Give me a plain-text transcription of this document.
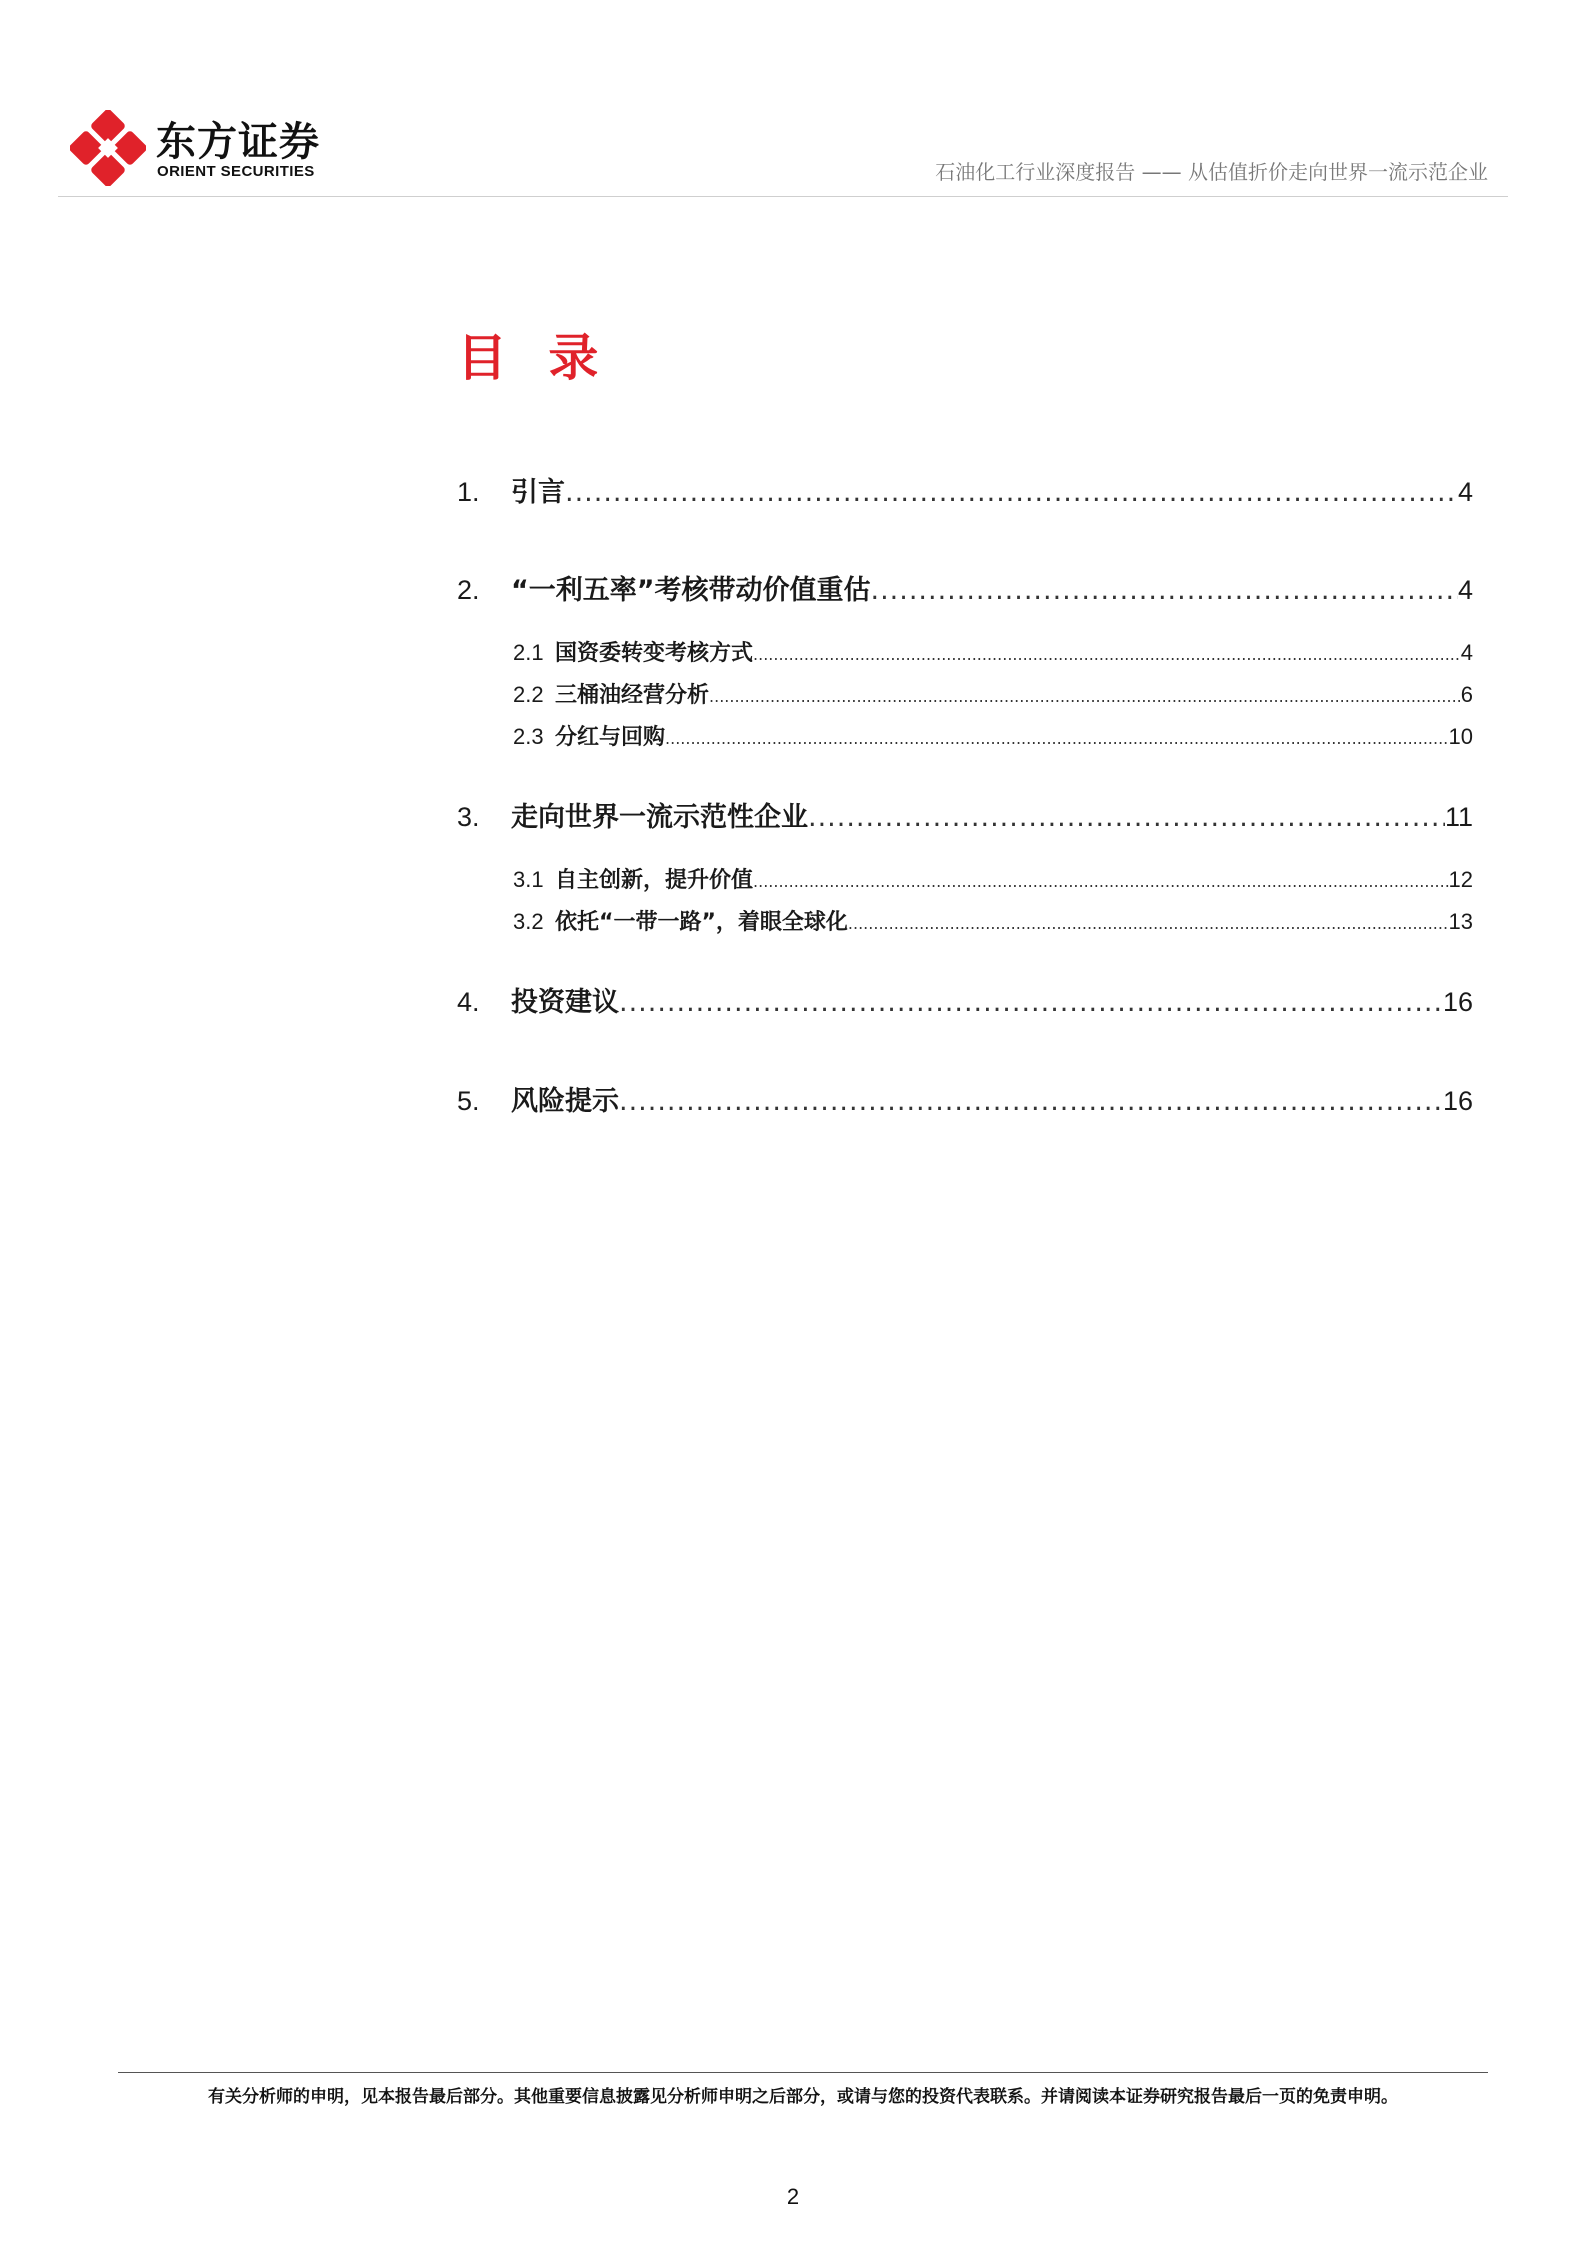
东方证券
ORIENT SECURITIES	石油化工行业深度报告 —— 从估值折价走向世界一流示范企业
目 录
1.	引言 .....	4
2.	“一利五率”考核带动价值重估 .....	4
2.1 国资委转变考核方式 .....	4
2.2 三桶油经营分析 .....	6
2.3 分红与回购 .....	10
3.	走向世界一流示范性企业 .....	11
3.1 自主创新，提升价值 .....	12
3.2 依托“一带一路”，着眼全球化 .....	13
4.	投资建议 .....	16
5.	风险提示 .....	16
有关分析师的申明，见本报告最后部分。其他重要信息披露见分析师申明之后部分，或请与您的投资代表联系。并请阅读本证券研究报告最后一页的免责申明。
2
